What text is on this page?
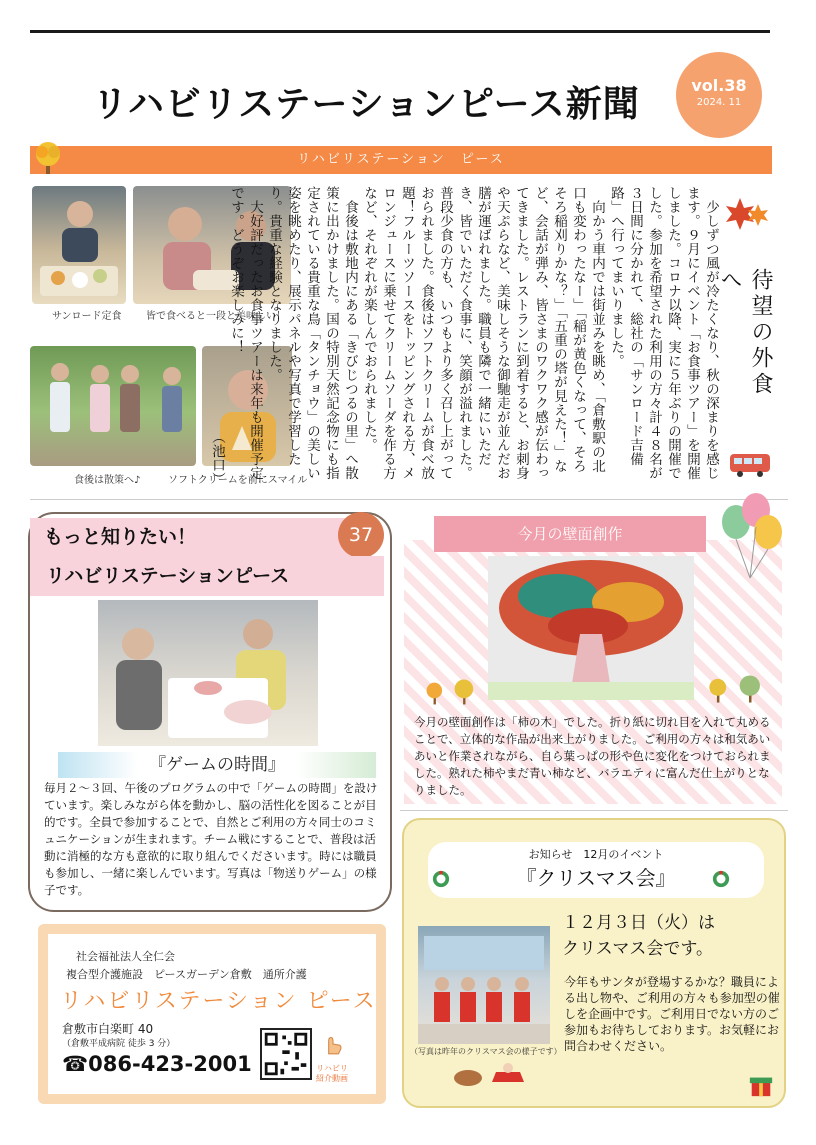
リハビリステーションピース新聞	vol.38
2024. 11
リハビリステーション　ピース
サンロード定食 皆で食べると一段と美味しい！
食後は散策へ♪	ソフトクリームを前にスマイル

少しずつ風が冷たくなり、秋の深まりを感じます。９月にイベント「お食事ツアー」を開催しました。コロナ以降、実に５年ぶりの開催でした。参加を希望された利用の方々計４８名が３日間に分かれて、総社の「サンロード吉備路」へ行ってまいりました。

向かう車内では街並みを眺め、「倉敷駅の北口も変わったなー」「稲が黄色くなって、そろそろ稲刈りかな？」「五重の塔が見えた！」など、会話が弾み、皆さまのワクワク感が伝わってきました。レストランに到着すると、お刺身や天ぷらなど、美味しそうな御馳走が並んだお膳が運ばれました。職員も隣で一緒にいただき、皆でいただく食事に、笑顔が溢れました。普段少食の方も、いつもより多く召し上がっておられました。食後はソフトクリームが食べ放題！フルーツソースをトッピングされる方、メロンジュースに乗せてクリームソーダを作る方など、それぞれが楽しんでおられました。

食後は敷地内にある「きびじつるの里」へ散策に出かけました。国の特別天然記念物にも指定されている貴重な鳥「タンチョウ」の美しい姿を眺めたり、展示パネルや写真で学習したり。貴重な経験となりました。

大好評だったお食事ツアーは来年も開催予定です。どうぞお楽しみに！

（池口）
待望の外食へ
もっと知りたい！	37
リハビリステーションピース
『ゲームの時間』
毎月２～３回、午後のプログラムの中で「ゲームの時間」を設けています。楽しみながら体を動かし、脳の活性化を図ることが目的です。全員で参加することで、自然とご利用の方々同士のコミュニケーションが生まれます。チーム戦にすることで、普段は活動に消極的な方も意欲的に取り組んでくださいます。時には職員も参加し、一緒に楽しんでいます。写真は「物送りゲーム」の様子です。
今月の壁面創作
今月の壁面創作は「柿の木」でした。折り紙に切れ目を入れて丸めることで、立体的な作品が出来上がりました。ご利用の方々は和気あいあいと作業されながら、自ら葉っぱの形や色に変化をつけておられました。熟れた柿やまだ青い柿など、バラエティに富んだ仕上がりとなりました。
お知らせ　12月のイベント
『クリスマス会』
（写真は昨年のクリスマス会の様子です）
１２月３日（火）は
クリスマス会です。
今年もサンタが登場するかな？職員による出し物や、ご利用の方々も参加型の催しを企画中です。ご利用日でない方のご参加もお待ちしております。お気軽にお問合わせください。
社会福祉法人全仁会
複合型介護施設　ピースガーデン倉敷　通所介護
リハビリステーション ピース
倉敷市白楽町 40
（倉敷平成病院 徒歩 3 分）
☎086-423-2001	リハビリ
紹介動画
